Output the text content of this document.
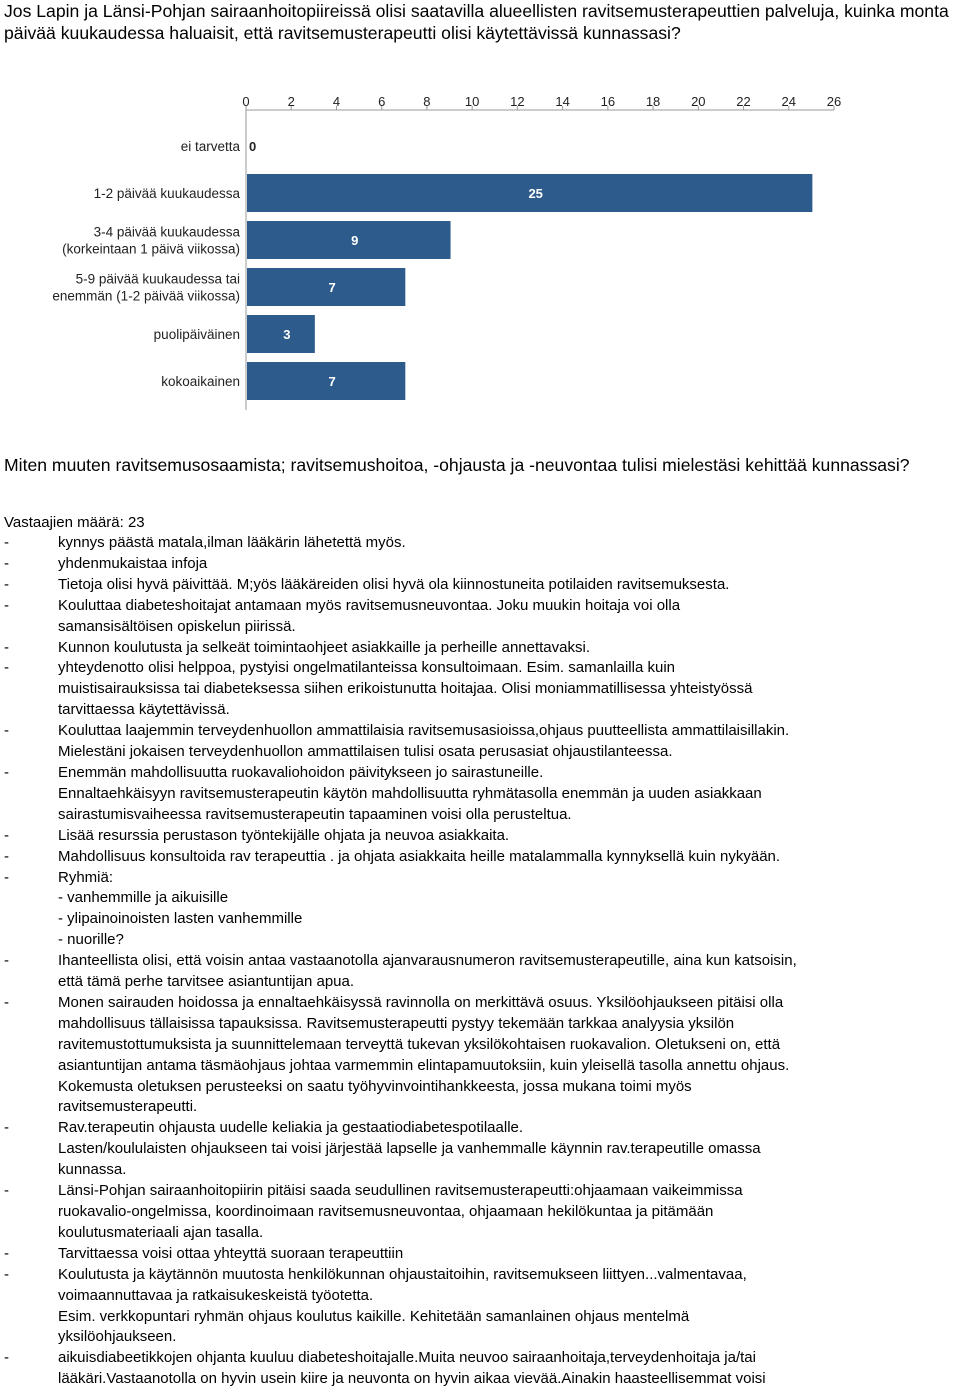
Jos Lapin ja Länsi-Pohjan sairaanhoitopiireissä olisi saatavilla alueellisten ravitsemusterapeuttien palveluja, kuinka monta päivää kuukaudessa haluaisit, että ravitsemusterapeutti olisi käytettävissä kunnassasi?

0	2	4	6	8	10 12 14 16 18 20 22 24 26
ei tarvetta 0
1-2 päivää kuukaudessa	25
3-4 päivää kuukaudessa
(korkeintaan 1 päivä viikossa)
9
5-9 päivää kuukaudessa tai
enemmän (1-2 päivää viikossa)
7
puolipäiväinen	3
kokoaikainen	7

Miten muuten ravitsemusosaamista; ravitsemushoitoa, -ohjausta ja -neuvontaa tulisi mielestäsi kehittää kunnassasi?

Vastaajien määrä: 23
-	kynnys päästä matala,ilman lääkärin lähetettä myös.
-	yhdenmukaistaa infoja
-	Tietoja olisi hyvä päivittää. M;yös lääkäreiden olisi hyvä ola kiinnostuneita potilaiden ravitsemuksesta.
-	Kouluttaa diabeteshoitajat antamaan myös ravitsemusneuvontaa. Joku muukin hoitaja voi olla
samansisältöisen opiskelun piirissä.
-	Kunnon koulutusta ja selkeät toimintaohjeet asiakkaille ja perheille annettavaksi.
-	yhteydenotto olisi helppoa, pystyisi ongelmatilanteissa konsultoimaan. Esim. samanlailla kuin
muistisairauksissa tai diabeteksessa siihen erikoistunutta hoitajaa. Olisi moniammatillisessa yhteistyössä
tarvittaessa käytettävissä.
-	Kouluttaa laajemmin terveydenhuollon ammattilaisia ravitsemusasioissa,ohjaus puutteellista ammattilaisillakin.
Mielestäni jokaisen terveydenhuollon ammattilaisen tulisi osata perusasiat ohjaustilanteessa.
-	Enemmän mahdollisuutta ruokavaliohoidon päivitykseen jo sairastuneille.
Ennaltaehkäisyyn ravitsemusterapeutin käytön mahdollisuutta ryhmätasolla enemmän ja uuden asiakkaan
sairastumisvaiheessa ravitsemusterapeutin tapaaminen voisi olla perusteltua.
-	Lisää resurssia perustason työntekijälle ohjata ja neuvoa asiakkaita.
-	Mahdollisuus konsultoida rav terapeuttia . ja ohjata asiakkaita heille matalammalla kynnyksellä kuin nykyään.
-	Ryhmiä:
- vanhemmille ja aikuisille
- ylipainoinoisten lasten vanhemmille
- nuorille?
-	Ihanteellista olisi, että voisin antaa vastaanotolla ajanvarausnumeron ravitsemusterapeutille, aina kun katsoisin,
että tämä perhe tarvitsee asiantuntijan apua.
-	Monen sairauden hoidossa ja ennaltaehkäisyssä ravinnolla on merkittävä osuus. Yksilöohjaukseen pitäisi olla
mahdollisuus tällaisissa tapauksissa. Ravitsemusterapeutti pystyy tekemään tarkkaa analyysia yksilön
ravitemustottumuksista ja suunnittelemaan terveyttä tukevan yksilökohtaisen ruokavalion. Oletukseni on, että
asiantuntijan antama täsmäohjaus johtaa varmemmin elintapamuutoksiin, kuin yleisellä tasolla annettu ohjaus.
Kokemusta oletuksen perusteeksi on saatu työhyvinvointihankkeesta, jossa mukana toimi myös
ravitsemusterapeutti.
-	Rav.terapeutin ohjausta uudelle keliakia ja gestaatiodiabetespotilaalle.
Lasten/koululaisten ohjaukseen tai voisi järjestää lapselle ja vanhemmalle käynnin rav.terapeutille omassa
kunnassa.
-	Länsi-Pohjan sairaanhoitopiirin pitäisi saada seudullinen ravitsemusterapeutti:ohjaamaan vaikeimmissa
ruokavalio-ongelmissa, koordinoimaan ravitsemusneuvontaa, ohjaamaan hekilökuntaa ja pitämään
koulutusmateriaali ajan tasalla.
-	Tarvittaessa voisi ottaa yhteyttä suoraan terapeuttiin
-	Koulutusta ja käytännön muutosta henkilökunnan ohjaustaitoihin, ravitsemukseen liittyen...valmentavaa,
voimaannuttavaa ja ratkaisukeskeistä työotetta.
Esim. verkkopuntari ryhmän ohjaus koulutus kaikille. Kehitetään samanlainen ohjaus mentelmä
yksilöohjaukseen.
-	aikuisdiabeetikkojen ohjanta kuuluu diabeteshoitajalle.Muita neuvoo sairaanhoitaja,terveydenhoitaja ja/tai
lääkäri.Vastaanotolla on hyvin usein kiire ja neuvonta on hyvin aikaa vievää.Ainakin haasteellisemmat voisi
